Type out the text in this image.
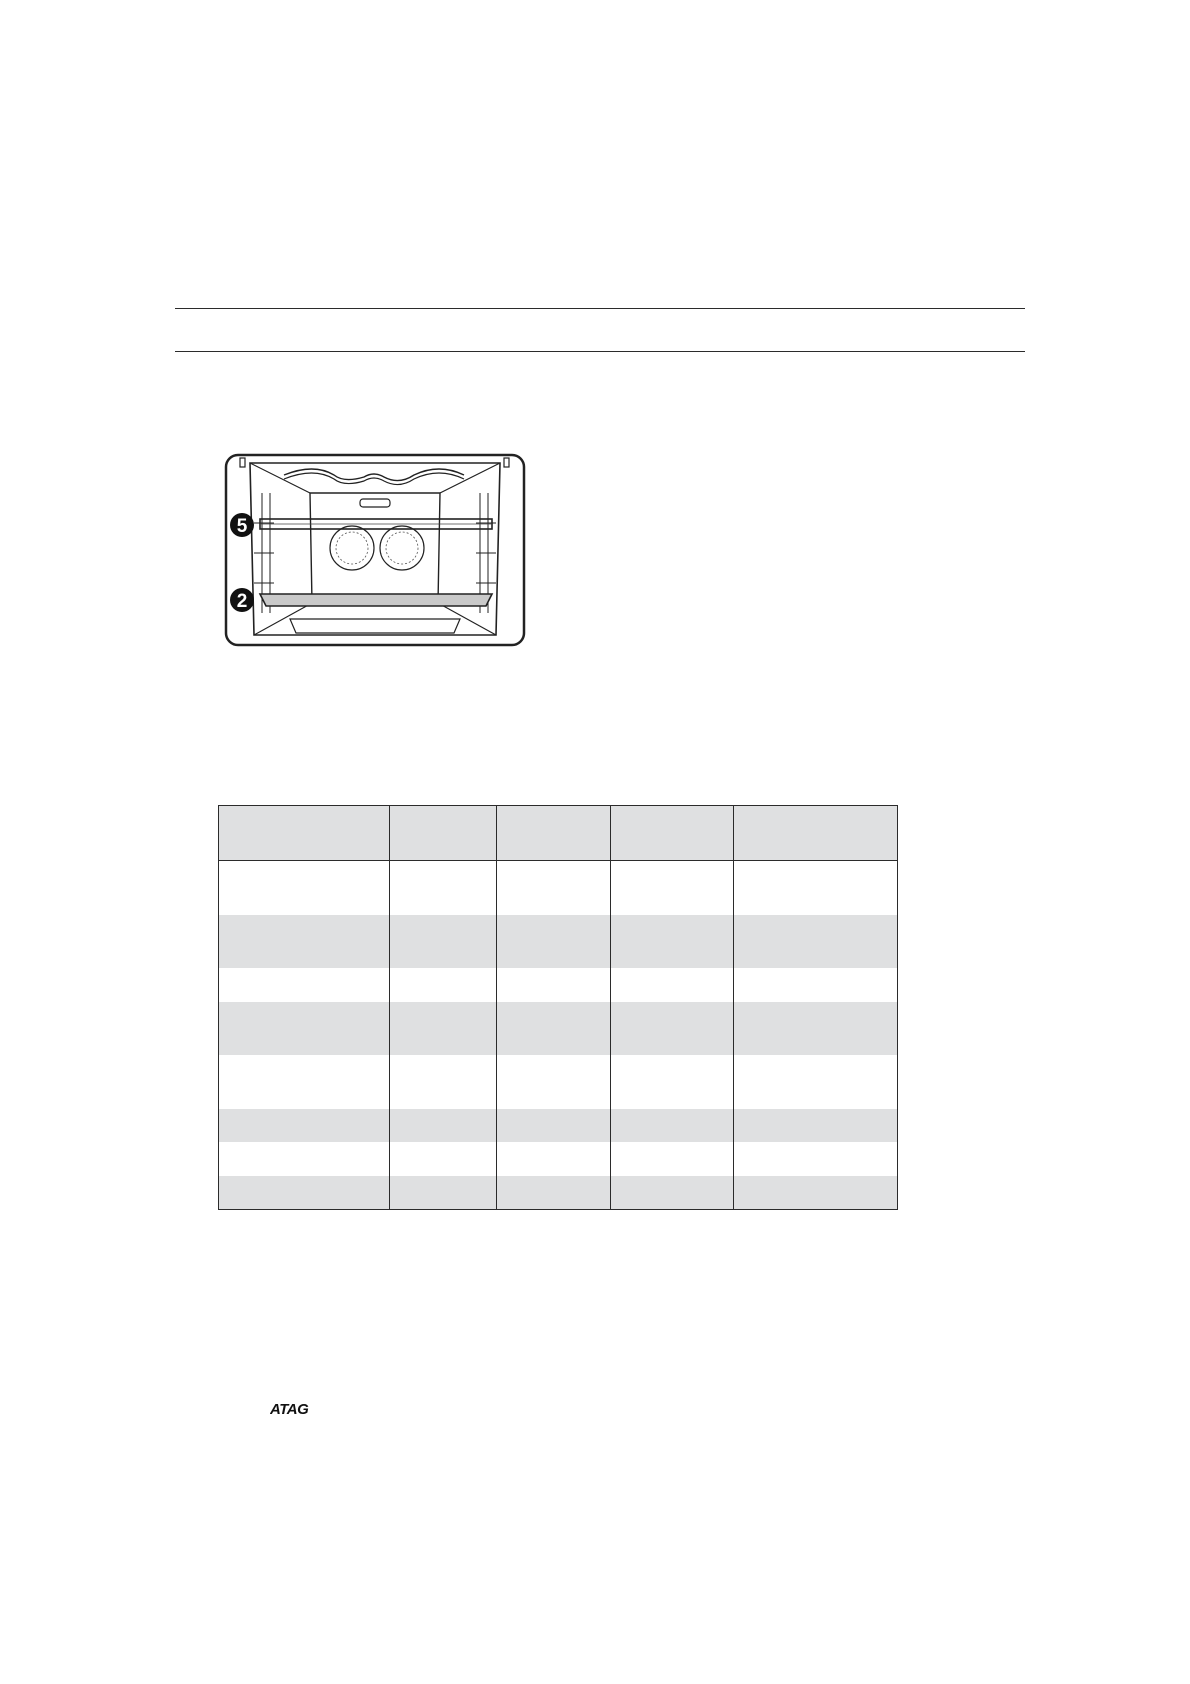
5
2

ATAG
